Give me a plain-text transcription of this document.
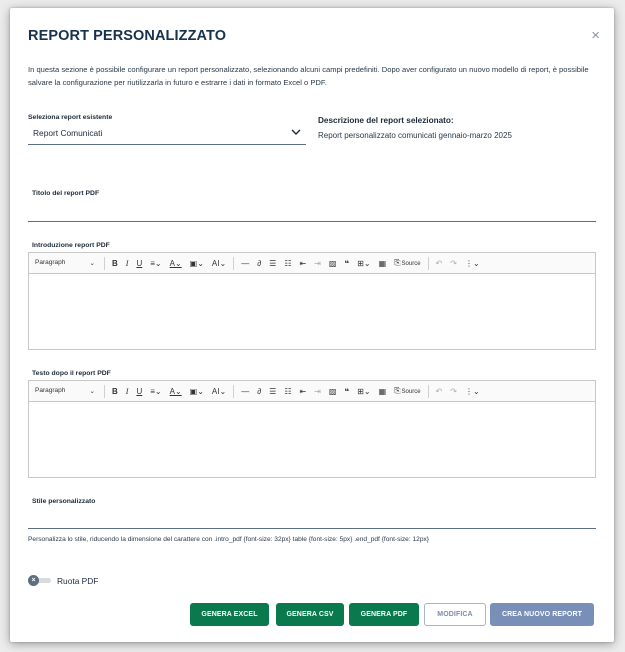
REPORT PERSONALIZZATO	×
In questa sezione è possibile configurare un report personalizzato, selezionando alcuni campi predefiniti. Dopo aver configurato un nuovo modello di report, è possibile salvare la configurazione per riutilizzarla in futuro e estrarre i dati in formato Excel o PDF.
Seleziona report esistente
Report Comunicati
Descrizione del report selezionato:
Report personalizzato comunicati gennaio-marzo 2025
Titolo del report PDF
Introduzione report PDF
Paragraph	⌄ B I U ≡⌄ A⌄ ▣⌄ AI⌄ — ∂ ☰ ☷ ⇤ ⇥ ▨ ❝ ⊞⌄ ▦ ⎘Source ↶ ↷ ⋮⌄
Testo dopo il report PDF
Paragraph	⌄ B I U ≡⌄ A⌄ ▣⌄ AI⌄ — ∂ ☰ ☷ ⇤ ⇥ ▨ ❝ ⊞⌄ ▦ ⎘Source ↶ ↷ ⋮⌄
Stile personalizzato
Personalizza lo stile, riducendo la dimensione del carattere con .intro_pdf {font-size: 32px} table {font-size: 5px} .end_pdf {font-size: 12px}
×	Ruota PDF
GENERA EXCEL	GENERA CSV	GENERA PDF	MODIFICA	CREA NUOVO REPORT
